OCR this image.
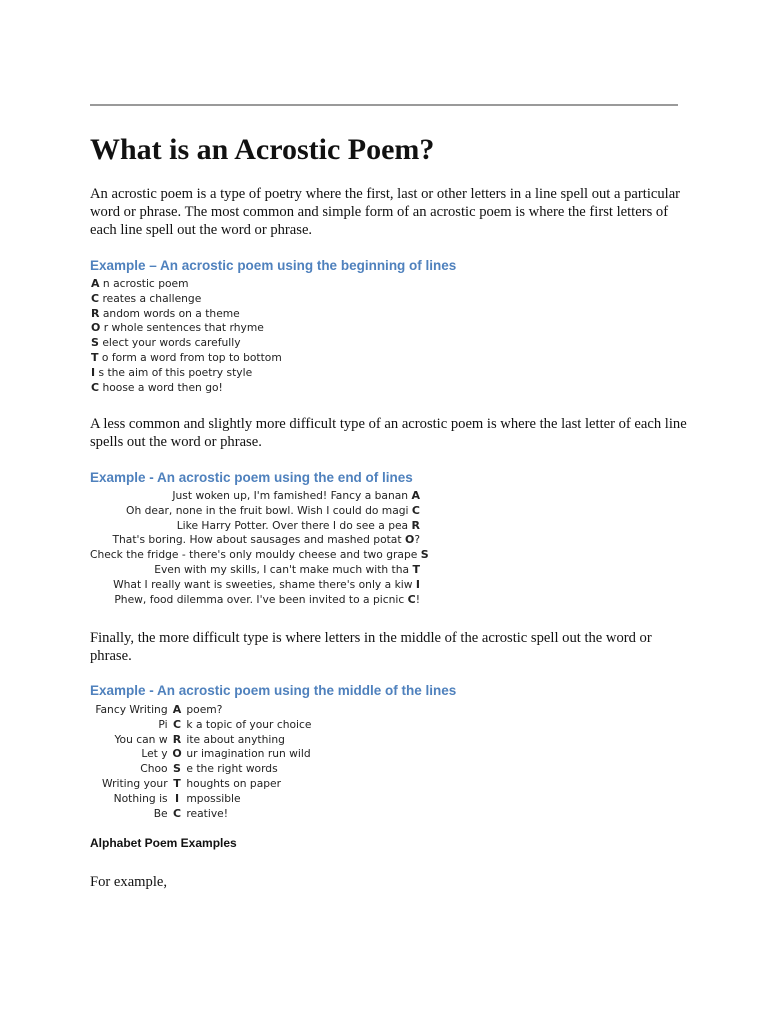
What is an Acrostic Poem?

An acrostic poem is a type of poetry where the first, last or other letters in a line spell out a particular word or phrase. The most common and simple form of an acrostic poem is where the first letters of each line spell out the word or phrase.

Example – An acrostic poem using the beginning of lines

A n acrostic poem
C reates a challenge
R andom words on a theme
O r whole sentences that rhyme
S elect your words carefully
T o form a word from top to bottom
I s the aim of this poetry style
C hoose a word then go!

A less common and slightly more difficult type of an acrostic poem is where the last letter of each line spells out the word or phrase.

Example - An acrostic poem using the end of lines

Just woken up, I'm famished! Fancy a banan A
Oh dear, none in the fruit bowl. Wish I could do magi C
Like Harry Potter. Over there I do see a pea R
That's boring. How about sausages and mashed potat O?
Check the fridge - there's only mouldy cheese and two grape S
Even with my skills, I can't make much with tha T
What I really want is sweeties, shame there's only a kiw I
Phew, food dilemma over. I've been invited to a picnic C!

Finally, the more difficult type is where letters in the middle of the acrostic spell out the word or phrase.

Example - An acrostic poem using the middle of the lines

Fancy Writing A poem?
Pi C k a topic of your choice
You can w R ite about anything
Let y O ur imagination run wild
Choo S e the right words
Writing your T houghts on paper
Nothing is I mpossible
Be C reative!

Alphabet Poem Examples

For example,
